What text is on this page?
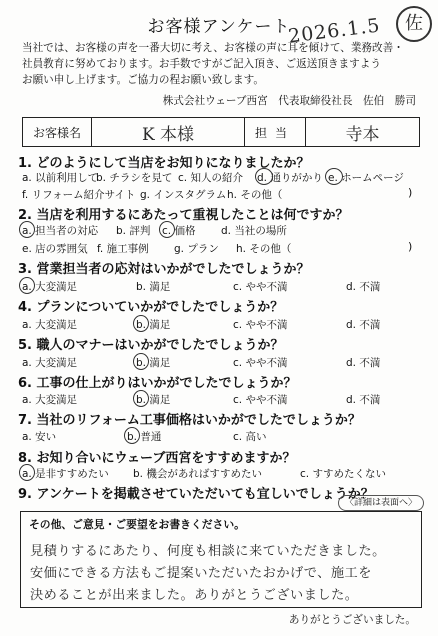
お客様アンケート
2026.1.5	佐
当社では、お客様の声を一番大切に考え、お客様の声に耳を傾けて、業務改善・
社員教育に努めております。お手数ですがご記入頂き、ご返送頂きますよう
お願い申し上げます。ご協力の程お願い致します。
株式会社ウェーブ西宮　代表取締役社長　佐伯　勝司
お客様名	K 本様	担当	寺本
1. どのようにして当店をお知りになりましたか？
a. 以前利用して
b. チラシを見て c. 知人の紹介 d. 通りがかり e. ホームページ
f. リフォーム紹介サイト g. インスタグラム h. その他（	)
2. 当店を利用するにあたって重視したことは何ですか？
a. 担当者の対応 b. 評判 c. 価格 d. 当社の場所
e. 店の雰囲気 f. 施工事例 g. プラン h. その他（	)
3. 営業担当者の応対はいかがでしたでしょうか？
a. 大変満足	b. 満足	c. やや不満	d. 不満
4. プランについていかがでしたでしょうか？
a. 大変満足	b. 満足	c. やや不満	d. 不満
5. 職人のマナーはいかがでしたでしょうか？
a. 大変満足	b. 満足	c. やや不満	d. 不満
6. 工事の仕上がりはいかがでしたでしょうか？
a. 大変満足	b. 満足	c. やや不満	d. 不満
7. 当社のリフォーム工事価格はいかがでしたでしょうか？
a. 安い	b. 普通	c. 高い
8. お知り合いにウェーブ西宮をすすめますか？
a. 是非すすめたい b. 機会があればすすめたい	c. すすめたくない
9. アンケートを掲載させていただいても宜しいでしょうか？
〈詳細は表面へ〉
その他、ご意見・ご要望をお書きください。
見積りするにあたり、何度も相談に来ていただきました。
安価にできる方法もご提案いただいたおかげで、施工を
決めることが出来ました。ありがとうございました。
ありがとうございました。
